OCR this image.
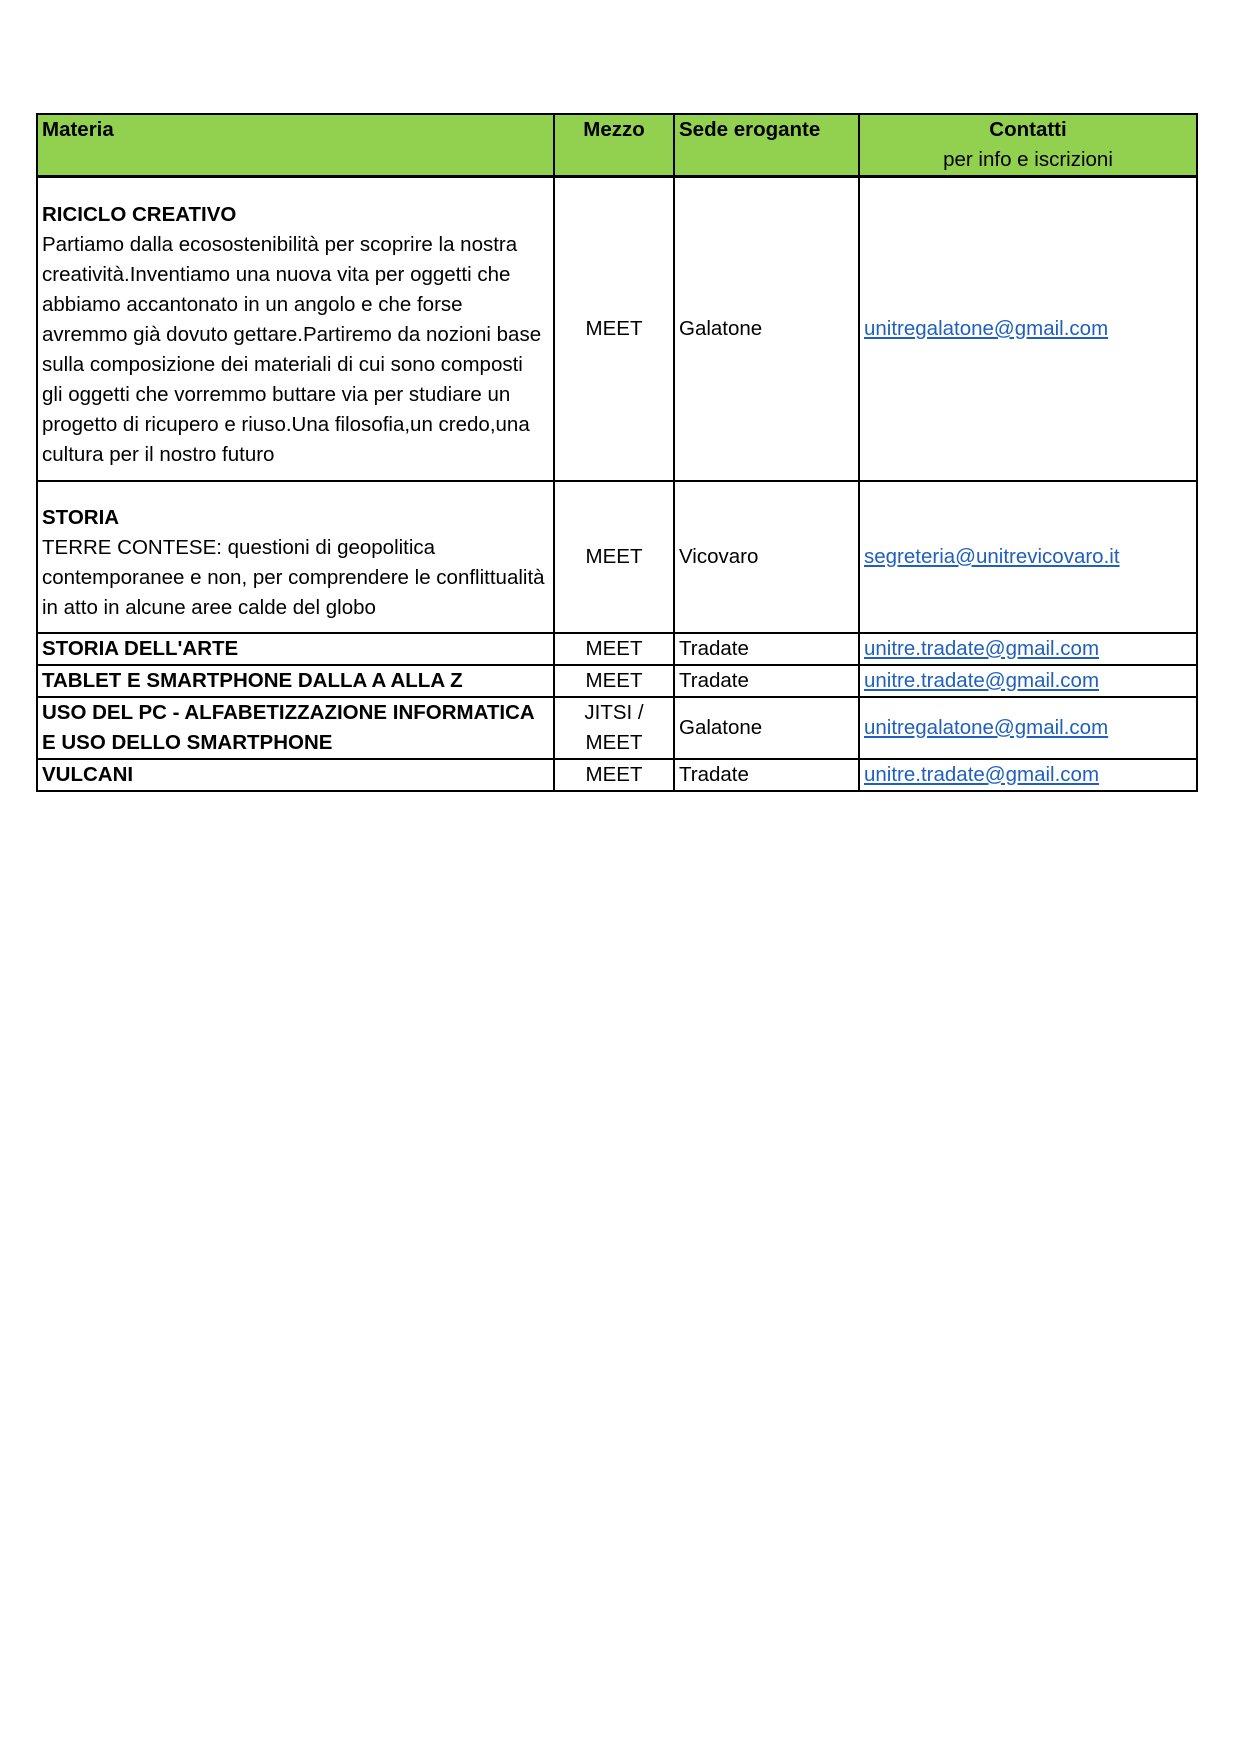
Materia	Mezzo	Sede erogante	Contatti
per info e iscrizioni

RICICLO CREATIVO
Partiamo dalla ecosostenibilità per scoprire la nostra creatività.Inventiamo una nuova vita per oggetti che abbiamo accantonato in un angolo e che forse avremmo già dovuto gettare.Partiremo da nozioni base sulla composizione dei materiali di cui sono composti gli oggetti che vorremmo buttare via per studiare un progetto di ricupero e riuso.Una filosofia,un credo,una cultura per il nostro futuro	MEET	Galatone	unitregalatone@gmail.com

STORIA
TERRE CONTESE: questioni di geopolitica contemporanee e non, per comprendere le conflittualità in atto in alcune aree calde del globo	MEET	Vicovaro	segreteria@unitrevicovaro.it

STORIA DELL'ARTE	MEET	Tradate	unitre.tradate@gmail.com

TABLET E SMARTPHONE DALLA A ALLA Z	MEET	Tradate	unitre.tradate@gmail.com

USO DEL PC - ALFABETIZZAZIONE INFORMATICA E USO DELLO SMARTPHONE	JITSI / MEET	Galatone	unitregalatone@gmail.com

VULCANI	MEET	Tradate	unitre.tradate@gmail.com
